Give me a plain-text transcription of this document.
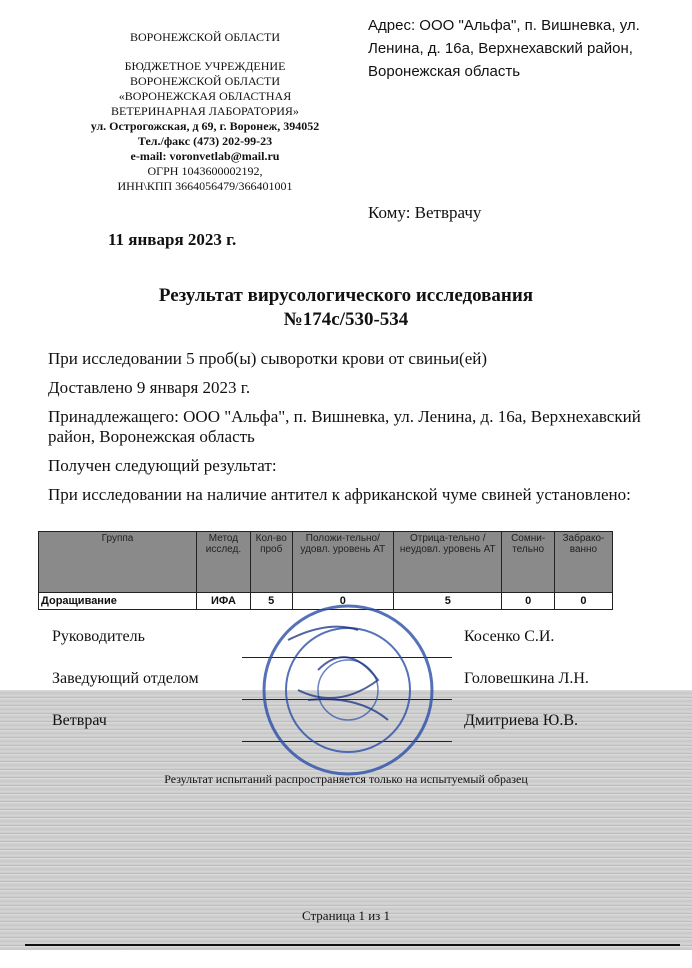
ВОРОНЕЖСКОЙ ОБЛАСТИ
БЮДЖЕТНОЕ УЧРЕЖДЕНИЕ
ВОРОНЕЖСКОЙ ОБЛАСТИ
«ВОРОНЕЖСКАЯ ОБЛАСТНАЯ
ВЕТЕРИНАРНАЯ ЛАБОРАТОРИЯ»
ул. Острогожская, д 69, г. Воронеж, 394052
Тел./факс (473) 202-99-23
e-mail: voronvetlab@mail.ru
ОГРН 1043600002192,
ИНН\КПП 3664056479/366401001
Адрес: ООО "Альфа", п. Вишневка, ул. Ленина, д. 16а, Верхнехавский район, Воронежская область
Кому: Ветврачу
11 января 2023 г.
Результат вирусологического исследования
№174с/530-534

При исследовании 5 проб(ы) сыворотки крови от свиньи(ей)

Доставлено 9 января 2023 г.

Принадлежащего: ООО "Альфа", п. Вишневка, ул. Ленина, д. 16а, Верхнехавский район, Воронежская область

Получен следующий результат:

При исследовании на наличие антител к африканской чуме свиней установлено:

Группа	Метод исслед.	Кол-во проб	Положи-тельно/ удовл. уровень АТ	Отрица-тельно / неудовл. уровень АТ	Сомни-тельно	Забрако-ванно
Доращивание	ИФА	5	0	5	0	0
Руководитель	Косенко С.И.
Заведующий отделом	Головешкина Л.Н.
Ветврач	Дмитриева Ю.В.
Результат испытаний распространяется только на испытуемый образец
Страница 1 из 1
